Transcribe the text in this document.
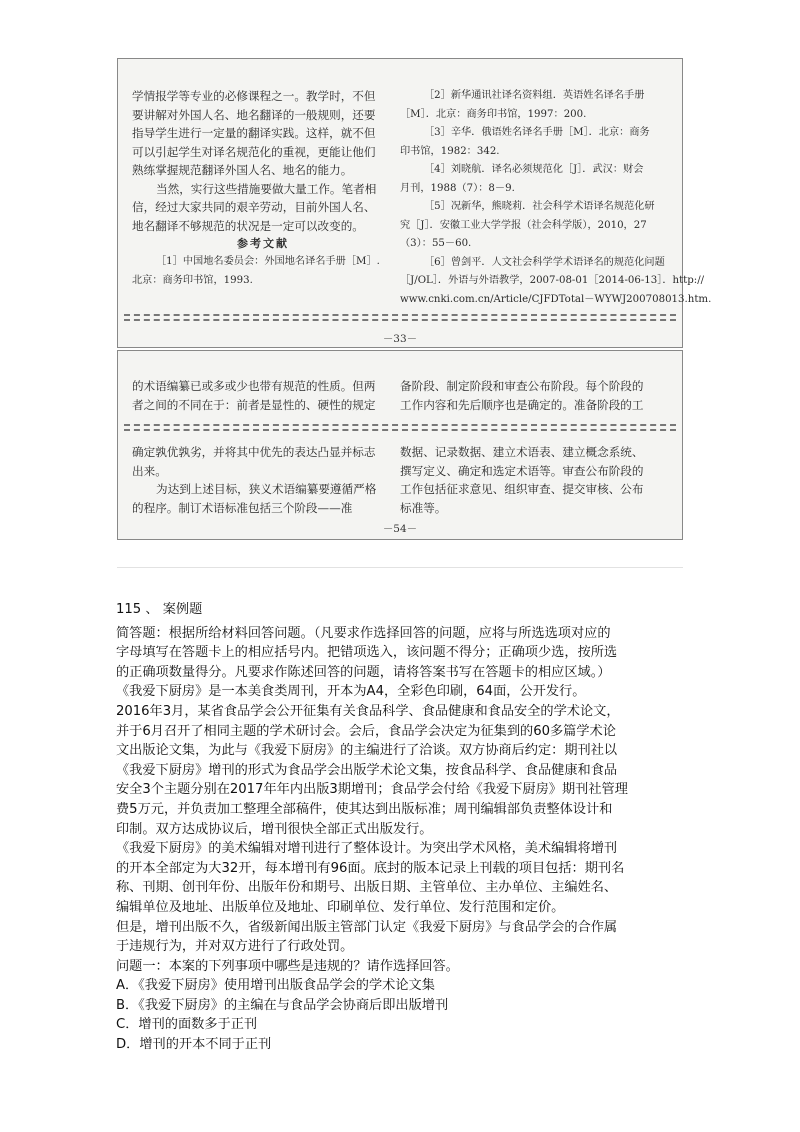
学情报学等专业的必修课程之一。教学时，不但

要讲解对外国人名、地名翻译的一般规则，还要

指导学生进行一定量的翻译实践。这样，就不但

可以引起学生对译名规范化的重视，更能让他们

熟练掌握规范翻译外国人名、地名的能力。

当然，实行这些措施要做大量工作。笔者相

信，经过大家共同的艰辛劳动，目前外国人名、

地名翻译不够规范的状况是一定可以改变的。

参考文献

［1］中国地名委员会：外国地名译名手册［M］.

北京：商务印书馆，1993.

［2］新华通讯社译名资料组．英语姓名译名手册

［M］．北京：商务印书馆，1997：200.

［3］辛华．俄语姓名译名手册［M］．北京：商务

印书馆，1982：342.

［4］刘晓航．译名必须规范化［J］．武汉：财会

月刊，1988（7）：8－9.

［5］况新华，熊晓莉．社会科学术语译名规范化研

究［J］．安徽工业大学学报（社会科学版），2010，27

（3）：55－60.

［6］曾剑平．人文社会科学学术语译名的规范化问题

［J/OL］．外语与外语教学，2007-08-01［2014-06-13］．http://

www.cnki.com.cn/Article/CJFDTotal－WYWJ200708013.htm.

－33－

的术语编纂已或多或少也带有规范的性质。但两

者之间的不同在于：前者是显性的、硬性的规定

备阶段、制定阶段和审查公布阶段。每个阶段的

工作内容和先后顺序也是确定的。准备阶段的工

确定孰优孰劣，并将其中优先的表达凸显并标志

出来。

为达到上述目标，狭义术语编纂要遵循严格

的程序。制订术语标准包括三个阶段——准

数据、记录数据、建立术语表、建立概念系统、

撰写定义、确定和选定术语等。审查公布阶段的

工作包括征求意见、组织审查、提交审核、公布

标准等。

－54－

115 、 案例题

简答题：根据所给材料回答问题。（凡要求作选择回答的问题，应将与所选选项对应的

字母填写在答题卡上的相应括号内。把错项选入，该问题不得分；正确项少选，按所选

的正确项数量得分。凡要求作陈述回答的问题，请将答案书写在答题卡的相应区域。）

《我爱下厨房》是一本美食类周刊，开本为A4，全彩色印刷，64面，公开发行。

2016年3月，某省食品学会公开征集有关食品科学、食品健康和食品安全的学术论文，

并于6月召开了相同主题的学术研讨会。会后，食品学会决定为征集到的60多篇学术论

文出版论文集，为此与《我爱下厨房》的主编进行了洽谈。双方协商后约定：期刊社以

《我爱下厨房》增刊的形式为食品学会出版学术论文集，按食品科学、食品健康和食品

安全3个主题分别在2017年年内出版3期增刊；食品学会付给《我爱下厨房》期刊社管理

费5万元，并负责加工整理全部稿件，使其达到出版标准；周刊编辑部负责整体设计和

印制。双方达成协议后，增刊很快全部正式出版发行。

《我爱下厨房》的美术编辑对增刊进行了整体设计。为突出学术风格，美术编辑将增刊

的开本全部定为大32开，每本增刊有96面。底封的版本记录上刊载的项目包括：期刊名

称、刊期、创刊年份、出版年份和期号、出版日期、主管单位、主办单位、主编姓名、

编辑单位及地址、出版单位及地址、印刷单位、发行单位、发行范围和定价。

但是，增刊出版不久，省级新闻出版主管部门认定《我爱下厨房》与食品学会的合作属

于违规行为，并对双方进行了行政处罚。

问题一：本案的下列事项中哪些是违规的？请作选择回答。

A．《我爱下厨房》使用增刊出版食品学会的学术论文集

B．《我爱下厨房》的主编在与食品学会协商后即出版增刊

C．增刊的面数多于正刊

D．增刊的开本不同于正刊
